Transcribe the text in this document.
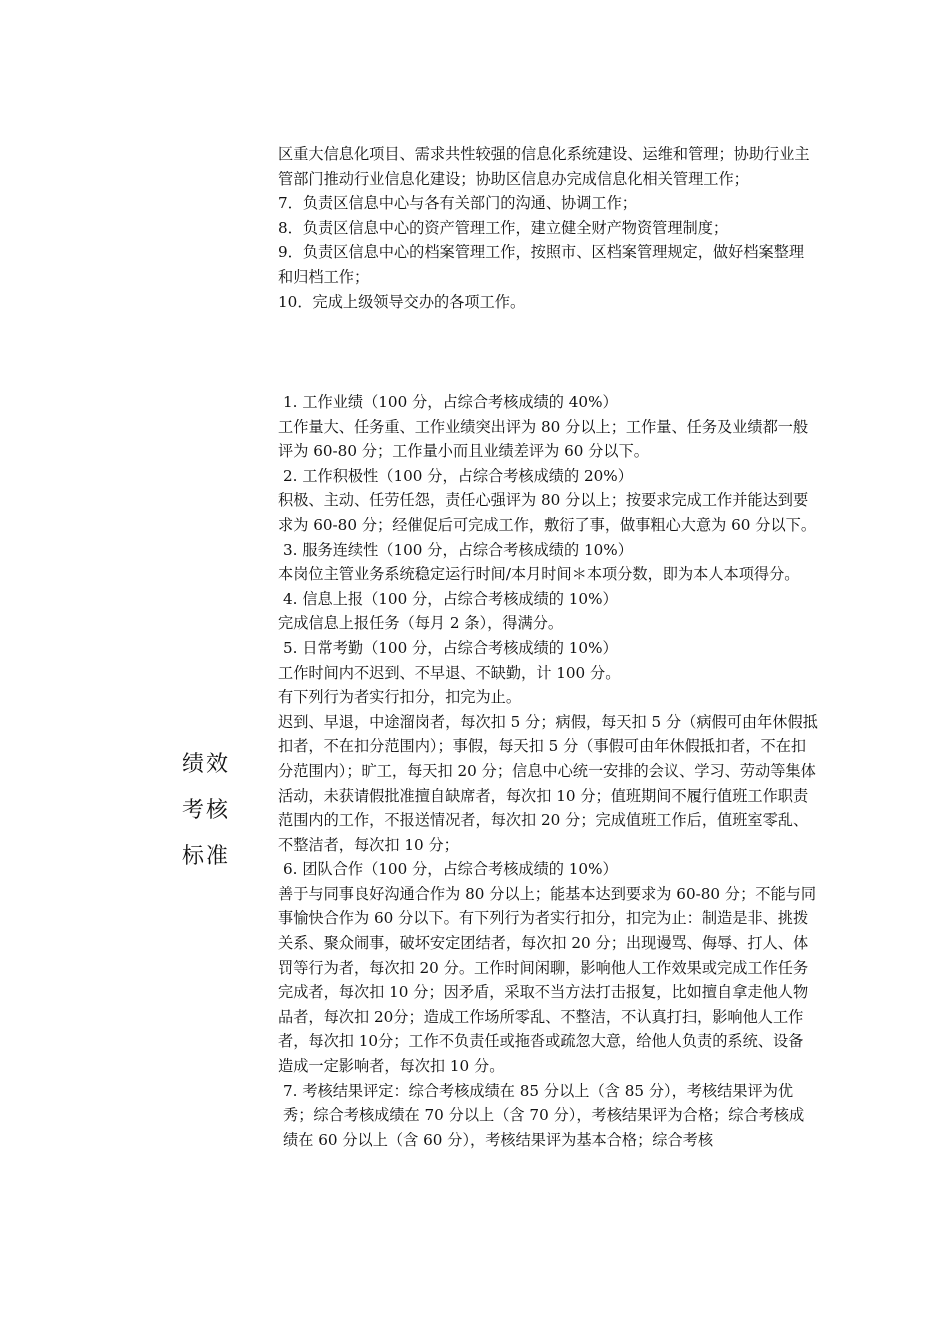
区重大信息化项目、需求共性较强的信息化系统建设、运维和管理；协助行业主管部门推动行业信息化建设；协助区信息办完成信息化相关管理工作；

7．负责区信息中心与各有关部门的沟通、协调工作；

8．负责区信息中心的资产管理工作，建立健全财产物资管理制度；

9．负责区信息中心的档案管理工作，按照市、区档案管理规定，做好档案整理和归档工作；

10．完成上级领导交办的各项工作。

绩效
考核
标准

1. 工作业绩（100 分，占综合考核成绩的 40%）

工作量大、任务重、工作业绩突出评为 80 分以上；工作量、任务及业绩都一般评为 60-80 分；工作量小而且业绩差评为 60 分以下。

2. 工作积极性（100 分，占综合考核成绩的 20%）

积极、主动、任劳任怨，责任心强评为 80 分以上；按要求完成工作并能达到要求为 60-80 分；经催促后可完成工作，敷衍了事，做事粗心大意为 60 分以下。

3. 服务连续性（100 分，占综合考核成绩的 10%）

本岗位主管业务系统稳定运行时间/本月时间＊本项分数，即为本人本项得分。

4. 信息上报（100 分，占综合考核成绩的 10%）

完成信息上报任务（每月 2 条），得满分。

5. 日常考勤（100 分，占综合考核成绩的 10%）

工作时间内不迟到、不早退、不缺勤，计 100 分。

有下列行为者实行扣分，扣完为止。

迟到、早退，中途溜岗者，每次扣 5 分；病假，每天扣 5 分（病假可由年休假抵扣者，不在扣分范围内）；事假，每天扣 5 分（事假可由年休假抵扣者，不在扣分范围内）；旷工，每天扣 20 分；信息中心统一安排的会议、学习、劳动等集体活动，未获请假批准擅自缺席者，每次扣 10 分；值班期间不履行值班工作职责范围内的工作，不报送情况者，每次扣 20 分；完成值班工作后，值班室零乱、不整洁者，每次扣 10 分；

6. 团队合作（100 分，占综合考核成绩的 10%）

善于与同事良好沟通合作为 80 分以上；能基本达到要求为 60-80 分；不能与同事愉快合作为 60 分以下。有下列行为者实行扣分，扣完为止：制造是非、挑拨关系、聚众闹事，破坏安定团结者，每次扣 20 分；出现谩骂、侮辱、打人、体罚等行为者，每次扣 20 分。工作时间闲聊，影响他人工作效果或完成工作任务完成者，每次扣 10 分；因矛盾，采取不当方法打击报复，比如擅自拿走他人物品者，每次扣 20分；造成工作场所零乱、不整洁，不认真打扫，影响他人工作者，每次扣 10分；工作不负责任或拖沓或疏忽大意，给他人负责的系统、设备造成一定影响者，每次扣 10 分。

7. 考核结果评定：综合考核成绩在 85 分以上（含 85 分），考核结果评为优秀；综合考核成绩在 70 分以上（含 70 分），考核结果评为合格；综合考核成绩在 60 分以上（含 60 分），考核结果评为基本合格；综合考核
